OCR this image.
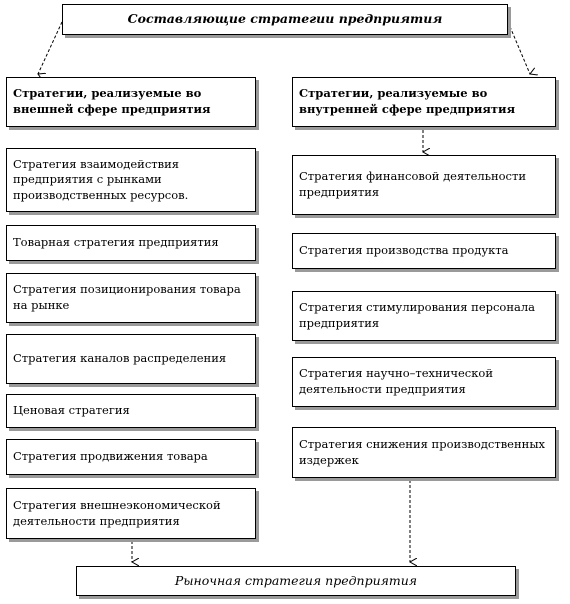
Составляющие стратегии предприятия
Стратегии, реализуемые во внешней сфере предприятия
Стратегии, реализуемые во внутренней сфере предприятия
Стратегия взаимодействия предприятия с рынками производственных ресурсов.
Товарная стратегия предприятия
Стратегия позиционирования товара на рынке
Стратегия каналов распределения
Ценовая стратегия
Стратегия продвижения товара
Стратегия внешнеэкономической деятельности предприятия
Стратегия финансовой деятельности предприятия
Стратегия производства продукта
Стратегия стимулирования персонала предприятия
Стратегия научно–технической деятельности предприятия
Стратегия снижения производственных издержек
Рыночная стратегия предприятия
